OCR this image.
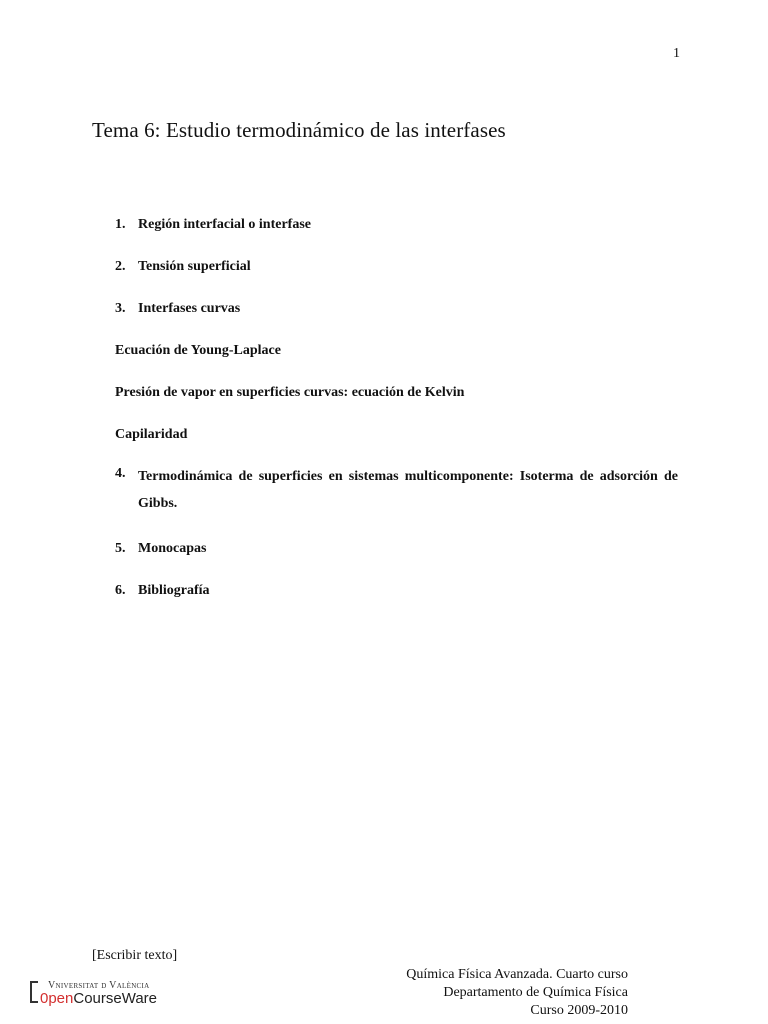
1
Tema 6: Estudio termodinámico de las interfases
1. Región interfacial o interfase
2. Tensión superficial
3. Interfases curvas
Ecuación de Young-Laplace
Presión de vapor en superficies curvas: ecuación de Kelvin
Capilaridad
4. Termodinámica de superficies en sistemas multicomponente: Isoterma de adsorción de Gibbs.
5. Monocapas
6. Bibliografía
[Escribir texto]
Química Física Avanzada. Cuarto curso
Departamento de Química Física
Curso 2009-2010
Vniversitat d València
0penCourseWare
